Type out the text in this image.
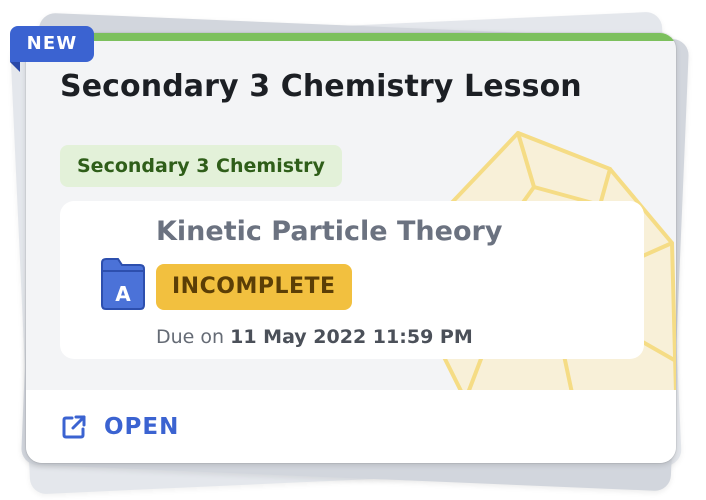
Secondary 3 Chemistry Lesson
Secondary 3 Chemistry
A
Kinetic Particle Theory
INCOMPLETE
Due on 11 May 2022 11:59 PM
OPEN
NEW
